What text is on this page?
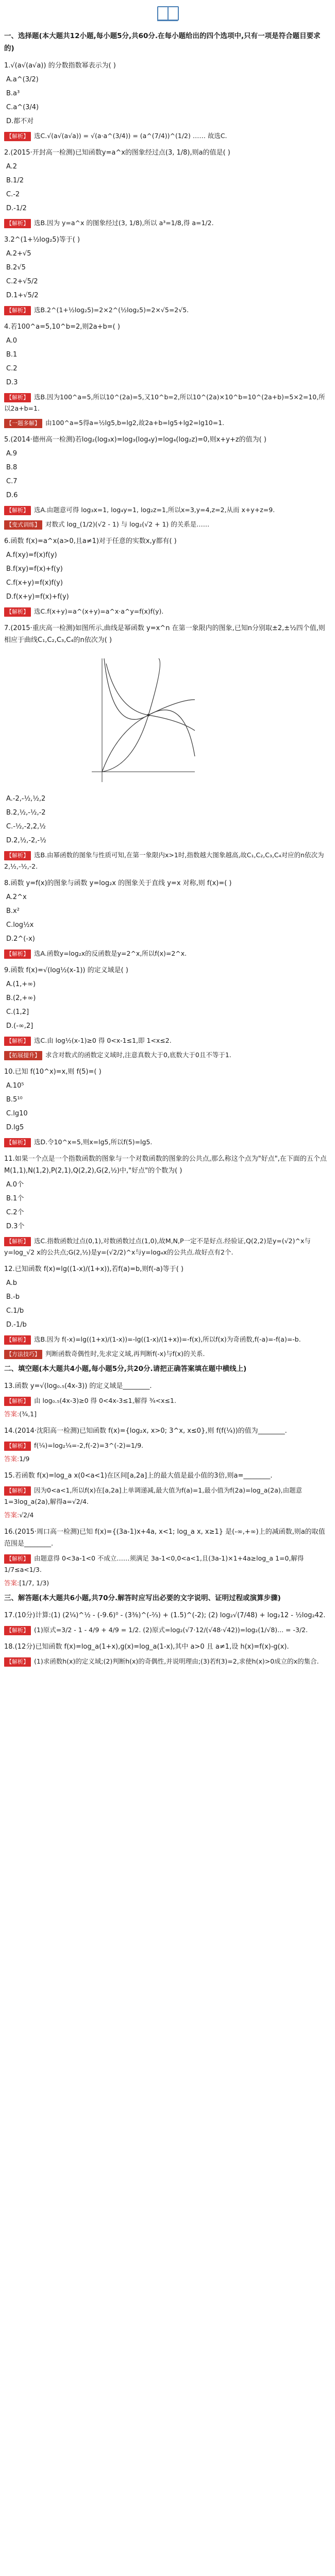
一、选择题(本大题共12小题,每小题5分,共60分.在每小题给出的四个选项中,只有一项是符合题目要求的)
1.√(a√(a√a)) 的分数指数幂表示为( )
A.a^(3/2)
B.a³
C.a^(3/4)
D.都不对
【解析】 选C.√(a√(a√a)) = √(a·a^(3/4)) = (a^(7/4))^(1/2) …… 故选C.
2.(2015·开封高一检测)已知函数y=a^x的图象经过点(3, 1/8),则a的值是( )
A.2
B.1/2
C.-2
D.-1/2
【解析】 选B.因为 y=a^x 的图象经过(3, 1/8),所以 a³=1/8,得 a=1/2.
3.2^(1+½log₂5)等于( )
A.2+√5
B.2√5
C.2+√5/2
D.1+√5/2
【解析】 选B.2^(1+½log₂5)=2×2^(½log₂5)=2×√5=2√5.
4.若100^a=5,10^b=2,则2a+b=( )
A.0
B.1
C.2
D.3
【解析】 选B.因为100^a=5,所以10^(2a)=5,又10^b=2,所以10^(2a)×10^b=10^(2a+b)=5×2=10,所以2a+b=1.
【一题多解】 由100^a=5得a=½lg5,b=lg2,故2a+b=lg5+lg2=lg10=1.
5.(2014·德州高一检测)若log₂(log₃x)=log₃(log₄y)=log₄(log₂z)=0,则x+y+z的值为( )
A.9
B.8
C.7
D.6
【解析】 选A.由题意可得 log₃x=1, log₄y=1, log₂z=1,所以x=3,y=4,z=2,从而 x+y+z=9.
【变式训练】 对数式 log_(1/2)(√2 - 1) 与 log₂(√2 + 1) 的关系是……
6.函数 f(x)=a^x(a>0,且a≠1)对于任意的实数x,y都有( )
A.f(xy)=f(x)f(y)
B.f(xy)=f(x)+f(y)
C.f(x+y)=f(x)f(y)
D.f(x+y)=f(x)+f(y)
【解析】 选C.f(x+y)=a^(x+y)=a^x·a^y=f(x)f(y).
7.(2015·重庆高一检测)如图所示,曲线是幂函数 y=x^n 在第一象限内的图象,已知n分别取±2,±½四个值,则相应于曲线C₁,C₂,C₃,C₄的n依次为( )
A.-2,-½,½,2
B.2,½,-½,-2
C.-½,-2,2,½
D.2,½,-2,-½
【解析】 选B.由幂函数的图象与性质可知,在第一象限内x>1时,指数越大图象越高,故C₁,C₂,C₃,C₄对应的n依次为2,½,-½,-2.
8.函数 y=f(x)的图象与函数 y=log₂x 的图象关于直线 y=x 对称,则 f(x)=( )
A.2^x
B.x²
C.log½x
D.2^(-x)
【解析】 选A.函数y=log₂x的反函数是y=2^x,所以f(x)=2^x.
9.函数 f(x)=√(log½(x-1)) 的定义域是( )
A.(1,+∞)
B.(2,+∞)
C.(1,2]
D.(-∞,2]
【解析】 选C.由 log½(x-1)≥0 得 0<x-1≤1,即 1<x≤2.
【拓展提升】 求含对数式的函数定义域时,注意真数大于0,底数大于0且不等于1.
10.已知 f(10^x)=x,则 f(5)=( )
A.10⁵
B.5¹⁰
C.lg10
D.lg5
【解析】 选D.令10^x=5,则x=lg5,所以f(5)=lg5.
11.如果一个点是一个指数函数的图象与一个对数函数的图象的公共点,那么称这个点为"好点",在下面的五个点M(1,1),N(1,2),P(2,1),Q(2,2),G(2,½)中,"好点"的个数为( )
A.0个
B.1个
C.2个
D.3个
【解析】 选C.指数函数过点(0,1),对数函数过点(1,0),故M,N,P一定不是好点.经验证,Q(2,2)是y=(√2)^x与y=log_√2 x的公共点;G(2,½)是y=(√2/2)^x与y=log₄x的公共点.故好点有2个.
12.已知函数 f(x)=lg((1-x)/(1+x)),若f(a)=b,则f(-a)等于( )
A.b
B.-b
C.1/b
D.-1/b
【解析】 选B.因为 f(-x)=lg((1+x)/(1-x))=-lg((1-x)/(1+x))=-f(x),所以f(x)为奇函数,f(-a)=-f(a)=-b.
【方法技巧】 判断函数奇偶性时,先求定义域,再判断f(-x)与f(x)的关系.
二、填空题(本大题共4小题,每小题5分,共20分.请把正确答案填在题中横线上)
13.函数 y=√(log₀.₅(4x-3)) 的定义域是________.
【解析】 由 log₀.₅(4x-3)≥0 得 0<4x-3≤1,解得 ¾<x≤1.
答案:(¾,1]
14.(2014·沈阳高一检测)已知函数 f(x)={log₂x, x>0; 3^x, x≤0},则 f(f(¼))的值为________.
【解析】 f(¼)=log₂¼=-2,f(-2)=3^(-2)=1/9.
答案:1/9
15.若函数 f(x)=log_a x(0<a<1)在区间[a,2a]上的最大值是最小值的3倍,则a=________.
【解析】 因为0<a<1,所以f(x)在[a,2a]上单调递减,最大值为f(a)=1,最小值为f(2a)=log_a(2a),由题意1=3log_a(2a),解得a=√2/4.
答案:√2/4
16.(2015·周口高一检测)已知 f(x)={(3a-1)x+4a, x<1; log_a x, x≥1} 是(-∞,+∞)上的减函数,则a的取值范围是________.
【解析】 由题意得 0<3a-1<0 不成立……须满足 3a-1<0,0<a<1,且(3a-1)×1+4a≥log_a 1=0,解得 1/7≤a<1/3.
答案:[1/7, 1/3)
三、解答题(本大题共6小题,共70分.解答时应写出必要的文字说明、证明过程或演算步骤)
17.(10分)计算:(1) (2¼)^½ - (-9.6)⁰ - (3⅜)^(-⅔) + (1.5)^(-2); (2) log₂√(7/48) + log₂12 - ½log₂42.
【解析】 (1)原式=3/2 - 1 - 4/9 + 4/9 = 1/2. (2)原式=log₂(√7·12/(√48·√42))=log₂(1/√8)... = -3/2.
18.(12分)已知函数 f(x)=log_a(1+x),g(x)=log_a(1-x),其中 a>0 且 a≠1,设 h(x)=f(x)-g(x).
【解析】 (1)求函数h(x)的定义域;(2)判断h(x)的奇偶性,并说明理由;(3)若f(3)=2,求使h(x)>0成立的x的集合.
